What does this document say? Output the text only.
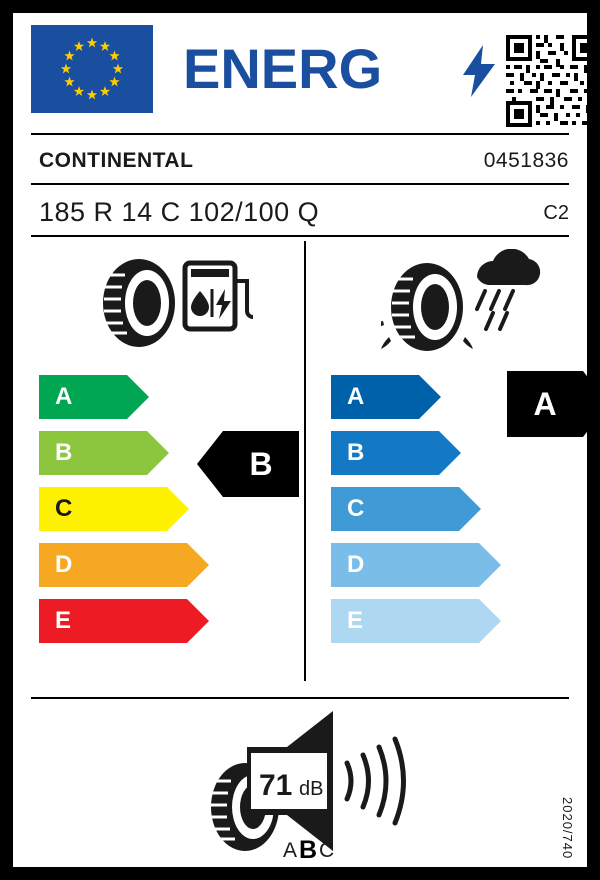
ENERG
CONTINENTAL	0451836
185 R 14 C 102/100 Q	C2
A
B
C
D
E
B
A
B
C
D
E
A
71 dB
A B C	2020/740
